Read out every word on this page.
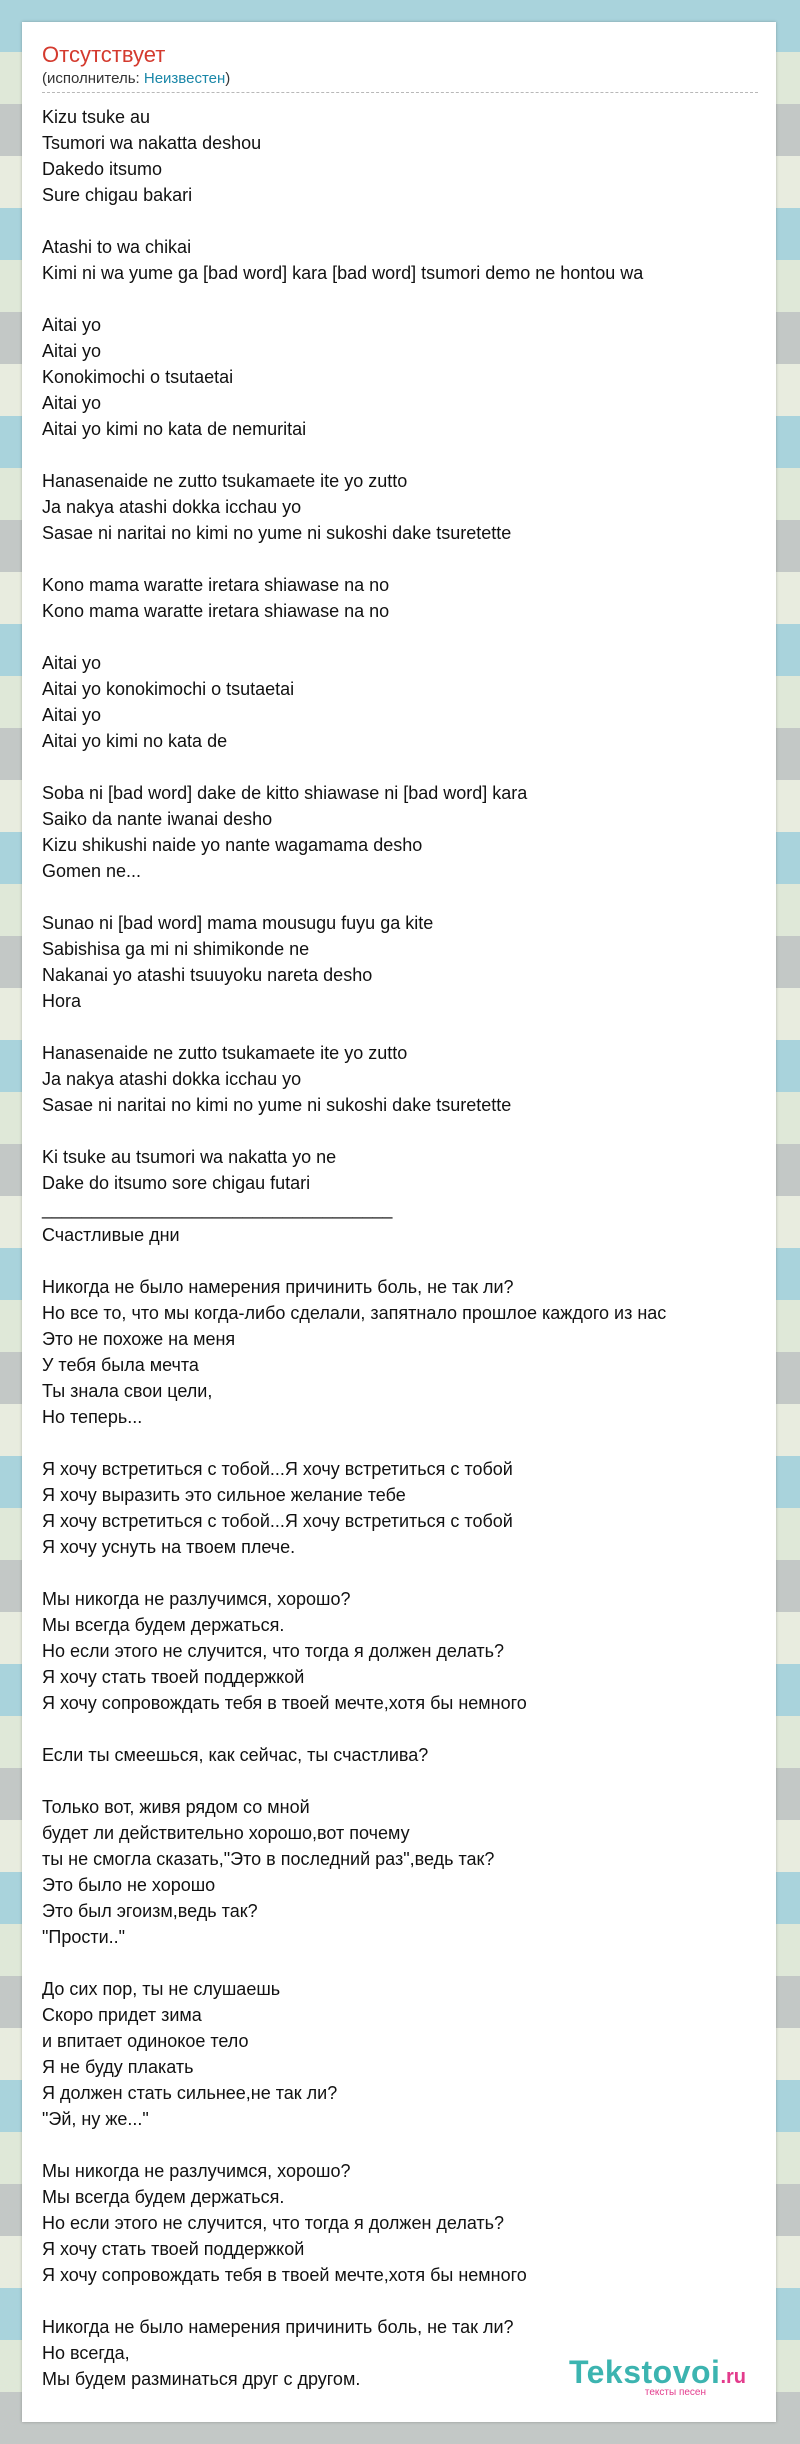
Отсутствует
(исполнитель: Неизвестен)
Kizu tsuke au
Tsumori wa nakatta deshou
Dakedo itsumo
Sure chigau bakari

Atashi to wa chikai
Kimi ni wa yume ga [bad word] kara [bad word] tsumori demo ne hontou wa

Aitai yo
Aitai yo
Konokimochi o tsutaetai
Aitai yo
Aitai yo kimi no kata de nemuritai

Hanasenaide ne zutto tsukamaete ite yo zutto
Ja nakya atashi dokka icchau yo
Sasae ni naritai no kimi no yume ni sukoshi dake tsuretette

Kono mama waratte iretara shiawase na no
Kono mama waratte iretara shiawase na no

Aitai yo
Aitai yo konokimochi o tsutaetai
Aitai yo
Aitai yo kimi no kata de

Soba ni [bad word] dake de kitto shiawase ni [bad word] kara
Saiko da nante iwanai desho
Kizu shikushi naide yo nante wagamama desho
Gomen ne...

Sunao ni [bad word] mama mousugu fuyu ga kite
Sabishisa ga mi ni shimikonde ne
Nakanai yo atashi tsuuyoku nareta desho
Hora

Hanasenaide ne zutto tsukamaete ite yo zutto
Ja nakya atashi dokka icchau yo
Sasae ni naritai no kimi no yume ni sukoshi dake tsuretette

Ki tsuke au tsumori wa nakatta yo ne
Dake do itsumo sore chigau futari
___________________________________
Счастливые дни

Никогда не было намерения причинить боль, не так ли?
Но все то, что мы когда-либо сделали, запятнало прошлое каждого из нас
Это не похоже на меня
У тебя была мечта
Ты знала свои цели,
Но теперь...

Я хочу встретиться с тобой...Я хочу встретиться с тобой
Я хочу выразить это сильное желание тебе
Я хочу встретиться с тобой...Я хочу встретиться с тобой
Я хочу уснуть на твоем плече.

Мы никогда не разлучимся, хорошо?
Мы всегда будем держаться.
Но если этого не случится, что тогда я должен делать?
Я хочу стать твоей поддержкой
Я хочу сопровождать тебя в твоей мечте,хотя бы немного

Если ты смеешься, как сейчас, ты счастлива?

Только вот, живя рядом со мной
будет ли действительно хорошо,вот почему
ты не смогла сказать,"Это в последний раз",ведь так?
Это было не хорошо
Это был эгоизм,ведь так?
"Прости.."

До сих пор, ты не слушаешь
Скоро придет зима
и впитает одинокое тело
Я не буду плакать
Я должен стать сильнее,не так ли?
"Эй, ну же..."

Мы никогда не разлучимся, хорошо?
Мы всегда будем держаться.
Но если этого не случится, что тогда я должен делать?
Я хочу стать твоей поддержкой
Я хочу сопровождать тебя в твоей мечте,хотя бы немного

Никогда не было намерения причинить боль, не так ли?
Но всегда,
Мы будем разминаться друг с другом.	Tekstovoi.ru
тексты песен
